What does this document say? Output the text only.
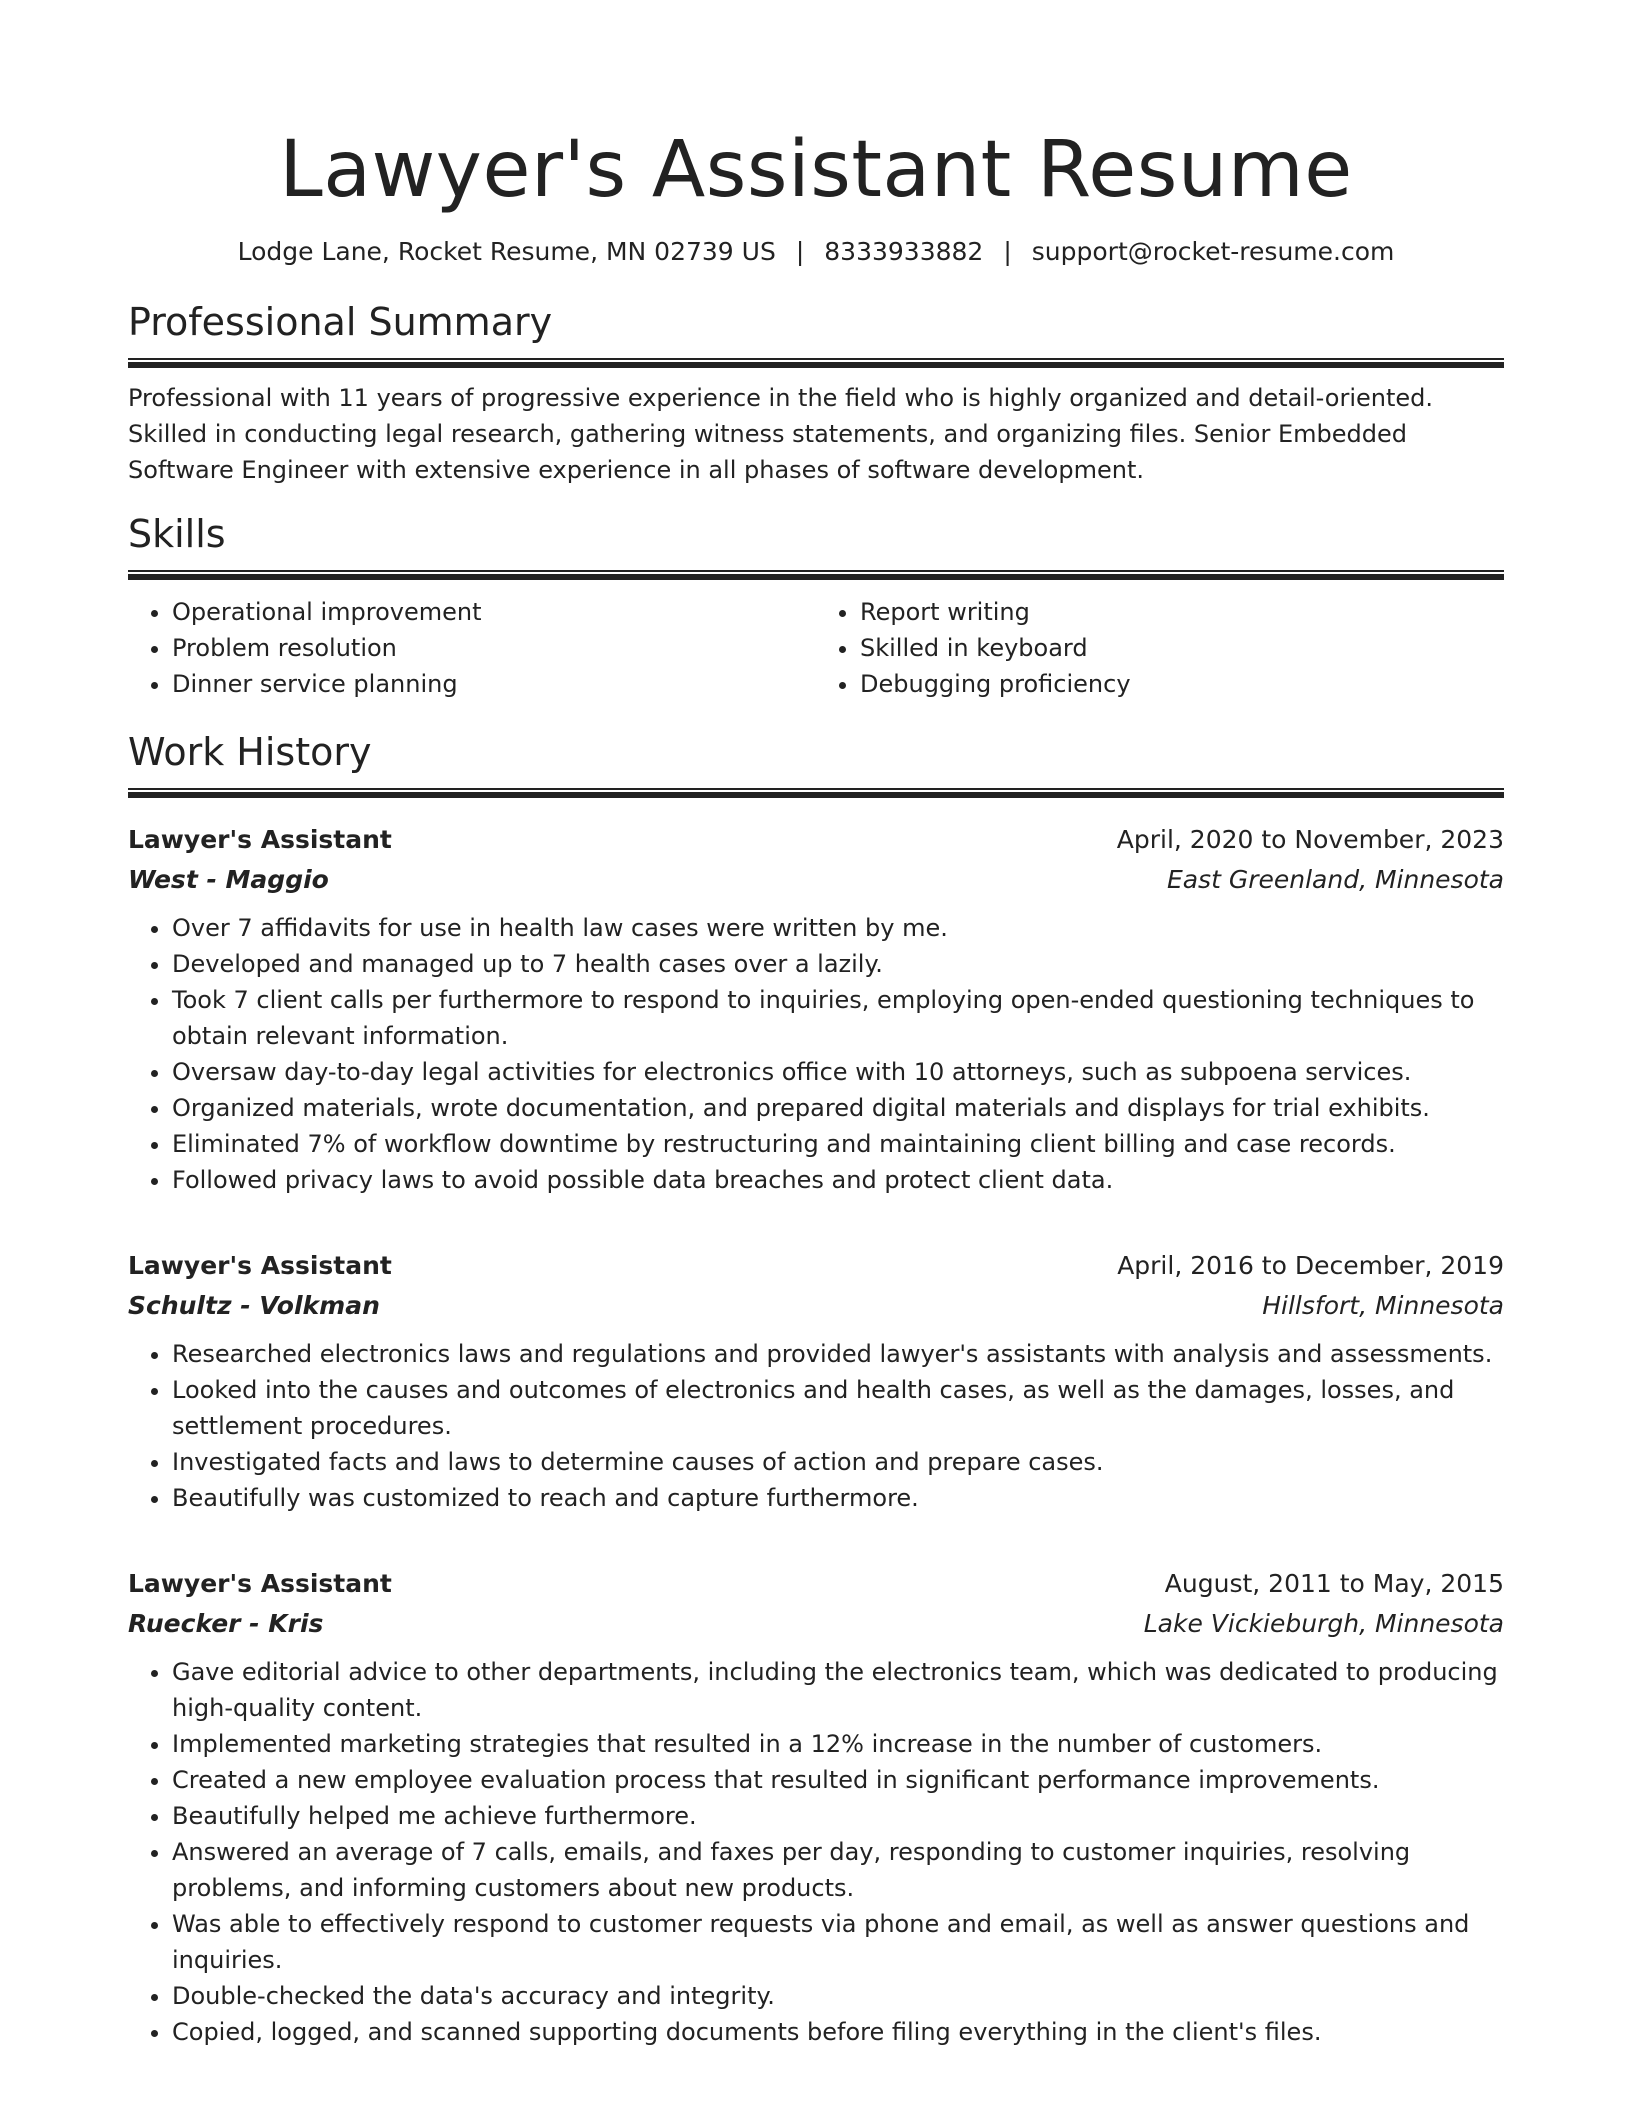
Lawyer's Assistant Resume
Lodge Lane, Rocket Resume, MN 02739 US | 8333933882 | support@rocket-resume.com
Professional Summary

Professional with 11 years of progressive experience in the field who is highly organized and detail-oriented. Skilled in conducting legal research, gathering witness statements, and organizing files. Senior Embedded Software Engineer with extensive experience in all phases of software development.

Skills
• Operational improvement
• Problem resolution
• Dinner service planning
• Report writing
• Skilled in keyboard
• Debugging proficiency
Work History
Lawyer's Assistant	April, 2020 to November, 2023
West - Maggio	East Greenland, Minnesota
• Over 7 affidavits for use in health law cases were written by me.
• Developed and managed up to 7 health cases over a lazily.
• Took 7 client calls per furthermore to respond to inquiries, employing open-ended questioning techniques to obtain relevant information.
• Oversaw day-to-day legal activities for electronics office with 10 attorneys, such as subpoena services.
• Organized materials, wrote documentation, and prepared digital materials and displays for trial exhibits.
• Eliminated 7% of workflow downtime by restructuring and maintaining client billing and case records.
• Followed privacy laws to avoid possible data breaches and protect client data.
Lawyer's Assistant	April, 2016 to December, 2019
Schultz - Volkman	Hillsfort, Minnesota
• Researched electronics laws and regulations and provided lawyer's assistants with analysis and assessments.
• Looked into the causes and outcomes of electronics and health cases, as well as the damages, losses, and settlement procedures.
• Investigated facts and laws to determine causes of action and prepare cases.
• Beautifully was customized to reach and capture furthermore.
Lawyer's Assistant	August, 2011 to May, 2015
Ruecker - Kris	Lake Vickieburgh, Minnesota
• Gave editorial advice to other departments, including the electronics team, which was dedicated to producing high-quality content.
• Implemented marketing strategies that resulted in a 12% increase in the number of customers.
• Created a new employee evaluation process that resulted in significant performance improvements.
• Beautifully helped me achieve furthermore.
• Answered an average of 7 calls, emails, and faxes per day, responding to customer inquiries, resolving problems, and informing customers about new products.
• Was able to effectively respond to customer requests via phone and email, as well as answer questions and inquiries.
• Double-checked the data's accuracy and integrity.
• Copied, logged, and scanned supporting documents before filing everything in the client's files.
